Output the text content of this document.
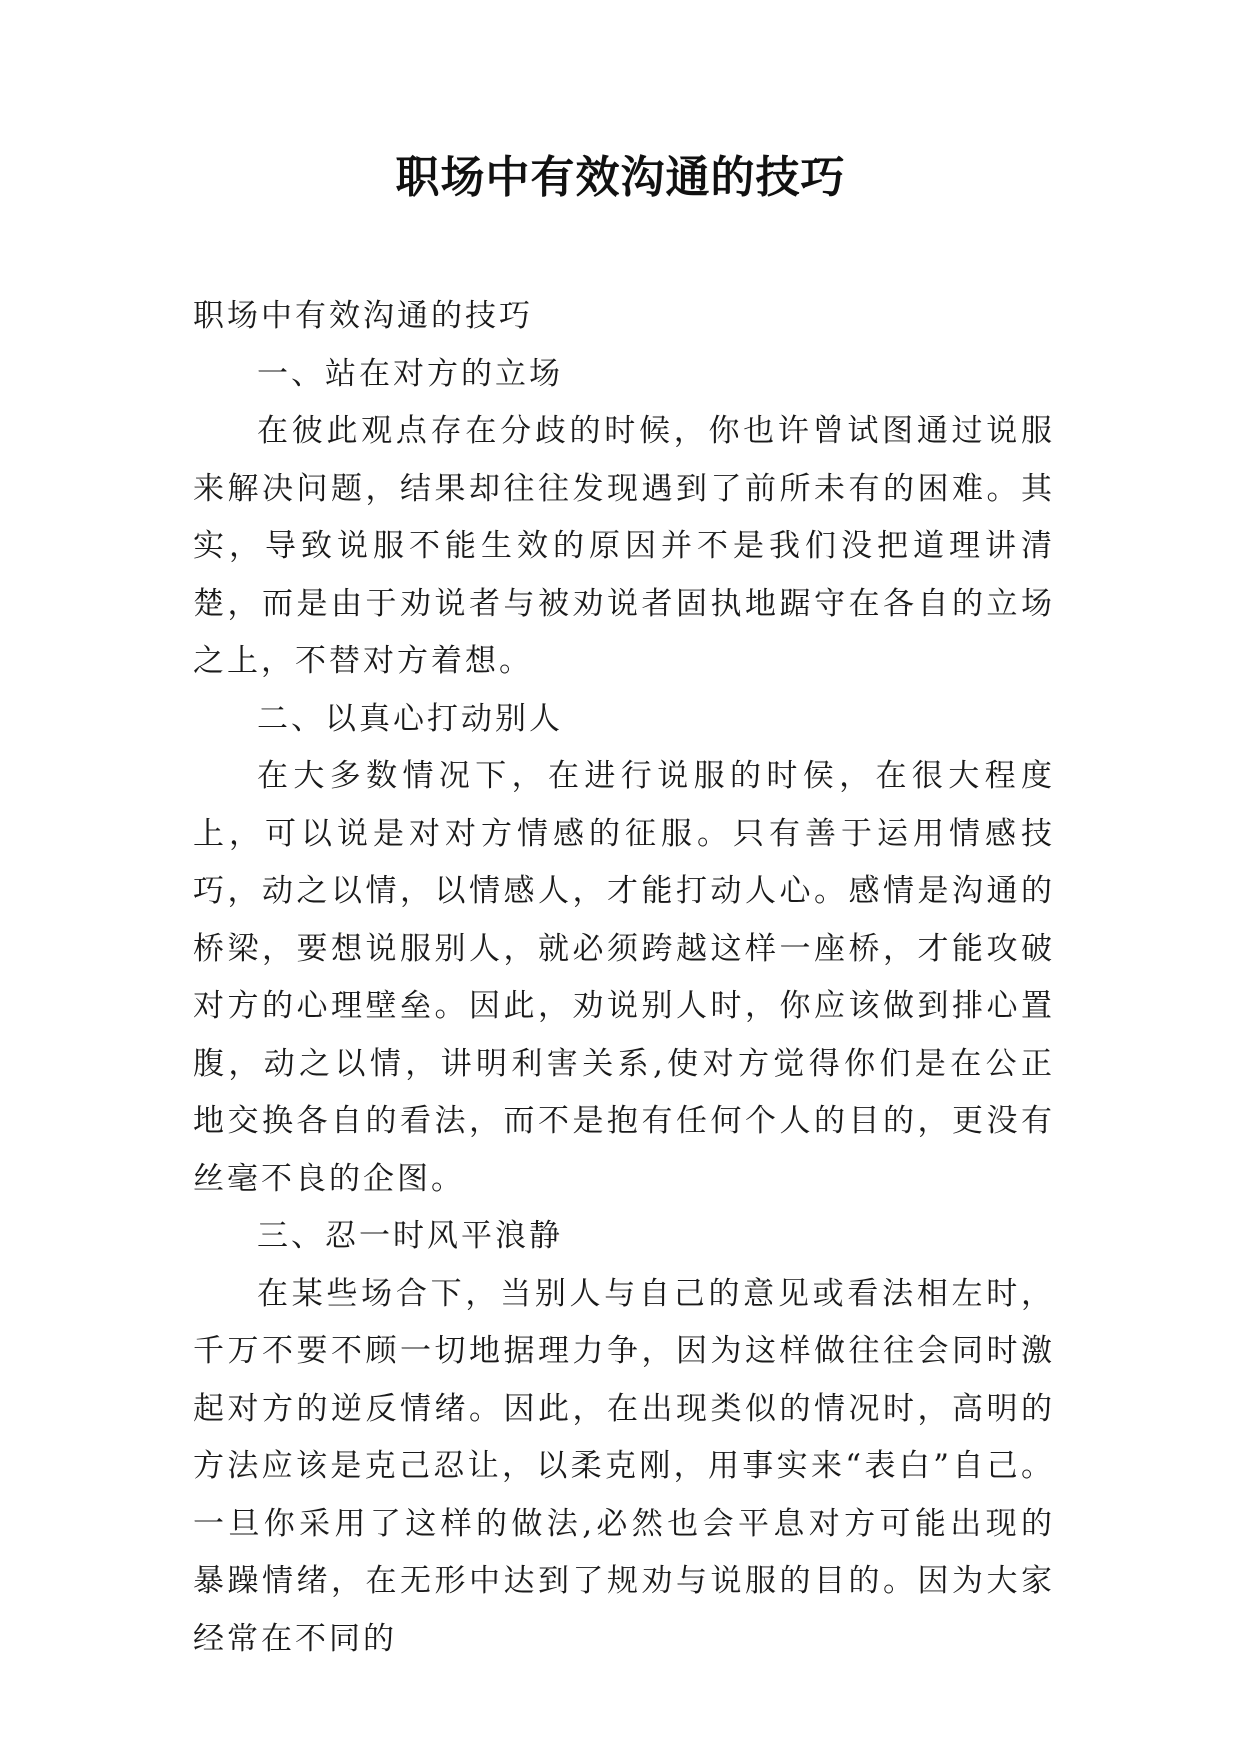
职场中有效沟通的技巧

职场中有效沟通的技巧

一、站在对方的立场

在彼此观点存在分歧的时候，你也许曾试图通过说服来解决问题，结果却往往发现遇到了前所未有的困难。其实，导致说服不能生效的原因并不是我们没把道理讲清楚，而是由于劝说者与被劝说者固执地踞守在各自的立场之上，不替对方着想。

二、以真心打动别人

在大多数情况下，在进行说服的时侯，在很大程度上，可以说是对对方情感的征服。只有善于运用情感技巧，动之以情，以情感人，才能打动人心。感情是沟通的桥梁，要想说服别人，就必须跨越这样一座桥，才能攻破对方的心理壁垒。因此，劝说别人时，你应该做到排心置腹，动之以情，讲明利害关系,使对方觉得你们是在公正地交换各自的看法，而不是抱有任何个人的目的，更没有丝毫不良的企图。

三、忍一时风平浪静

在某些场合下，当别人与自己的意见或看法相左时，千万不要不顾一切地据理力争，因为这样做往往会同时激起对方的逆反情绪。因此，在出现类似的情况时，高明的方法应该是克己忍让，以柔克刚，用事实来“表白”自己。一旦你采用了这样的做法,必然也会平息对方可能出现的暴躁情绪，在无形中达到了规劝与说服的目的。因为大家经常在不同的
